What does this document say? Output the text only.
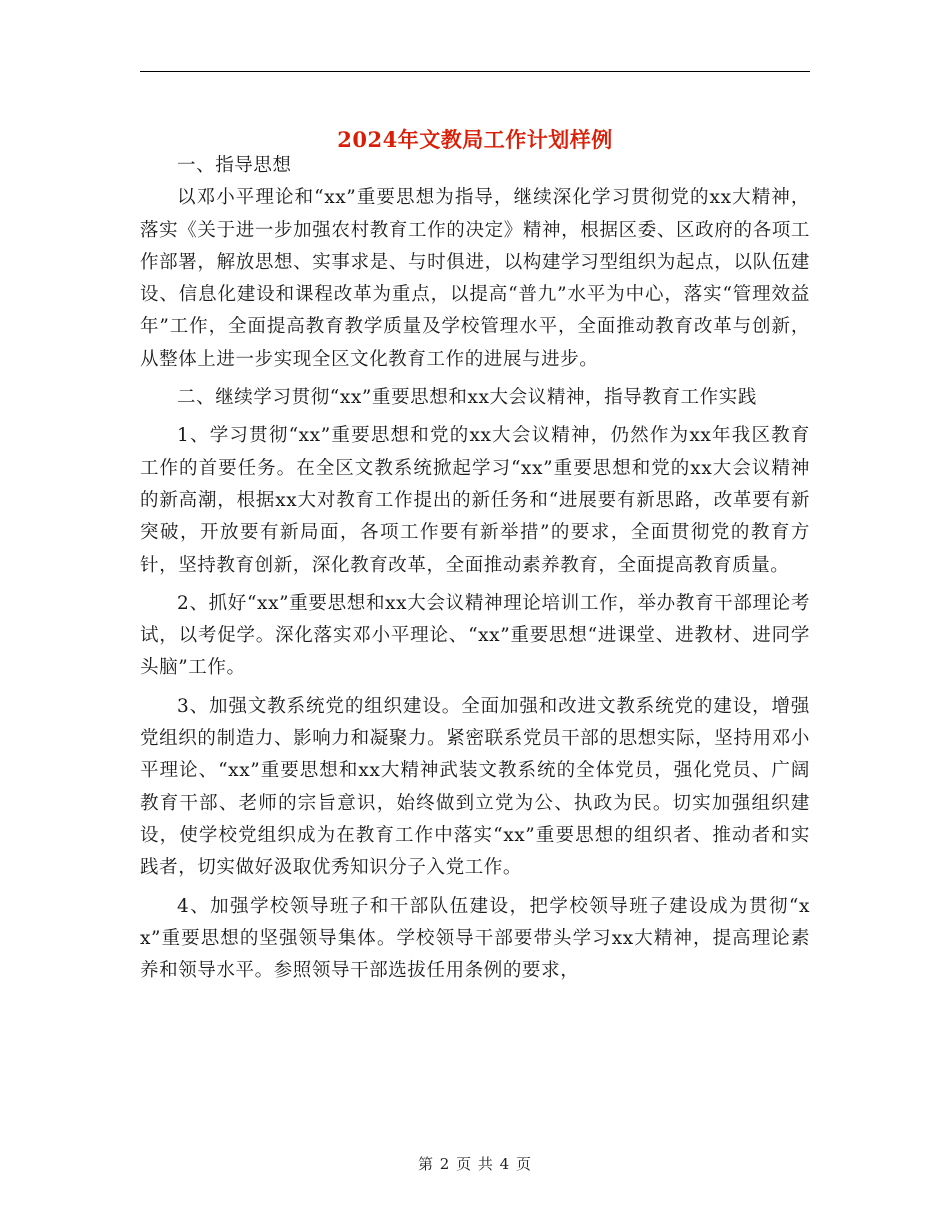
2024年文教局工作计划样例

一、指导思想

以邓小平理论和“xx”重要思想为指导，继续深化学习贯彻党的xx大精神，落实《关于进一步加强农村教育工作的决定》精神，根据区委、区政府的各项工作部署，解放思想、实事求是、与时俱进，以构建学习型组织为起点，以队伍建设、信息化建设和课程改革为重点，以提高“普九”水平为中心，落实“管理效益年”工作，全面提高教育教学质量及学校管理水平，全面推动教育改革与创新，从整体上进一步实现全区文化教育工作的进展与进步。

二、继续学习贯彻“xx”重要思想和xx大会议精神，指导教育工作实践

1、学习贯彻“xx”重要思想和党的xx大会议精神，仍然作为xx年我区教育工作的首要任务。在全区文教系统掀起学习“xx”重要思想和党的xx大会议精神的新高潮，根据xx大对教育工作提出的新任务和“进展要有新思路，改革要有新突破，开放要有新局面，各项工作要有新举措”的要求，全面贯彻党的教育方针，坚持教育创新，深化教育改革，全面推动素养教育，全面提高教育质量。

2、抓好“xx”重要思想和xx大会议精神理论培训工作，举办教育干部理论考试，以考促学。深化落实邓小平理论、“xx”重要思想“进课堂、进教材、进同学头脑”工作。

3、加强文教系统党的组织建设。全面加强和改进文教系统党的建设，增强党组织的制造力、影响力和凝聚力。紧密联系党员干部的思想实际，坚持用邓小平理论、“xx”重要思想和xx大精神武装文教系统的全体党员，强化党员、广阔教育干部、老师的宗旨意识，始终做到立党为公、执政为民。切实加强组织建设，使学校党组织成为在教育工作中落实“xx”重要思想的组织者、推动者和实践者，切实做好汲取优秀知识分子入党工作。

4、加强学校领导班子和干部队伍建设，把学校领导班子建设成为贯彻“xx”重要思想的坚强领导集体。学校领导干部要带头学习xx大精神，提高理论素养和领导水平。参照领导干部选拔任用条例的要求，

第 2 页 共 4 页
